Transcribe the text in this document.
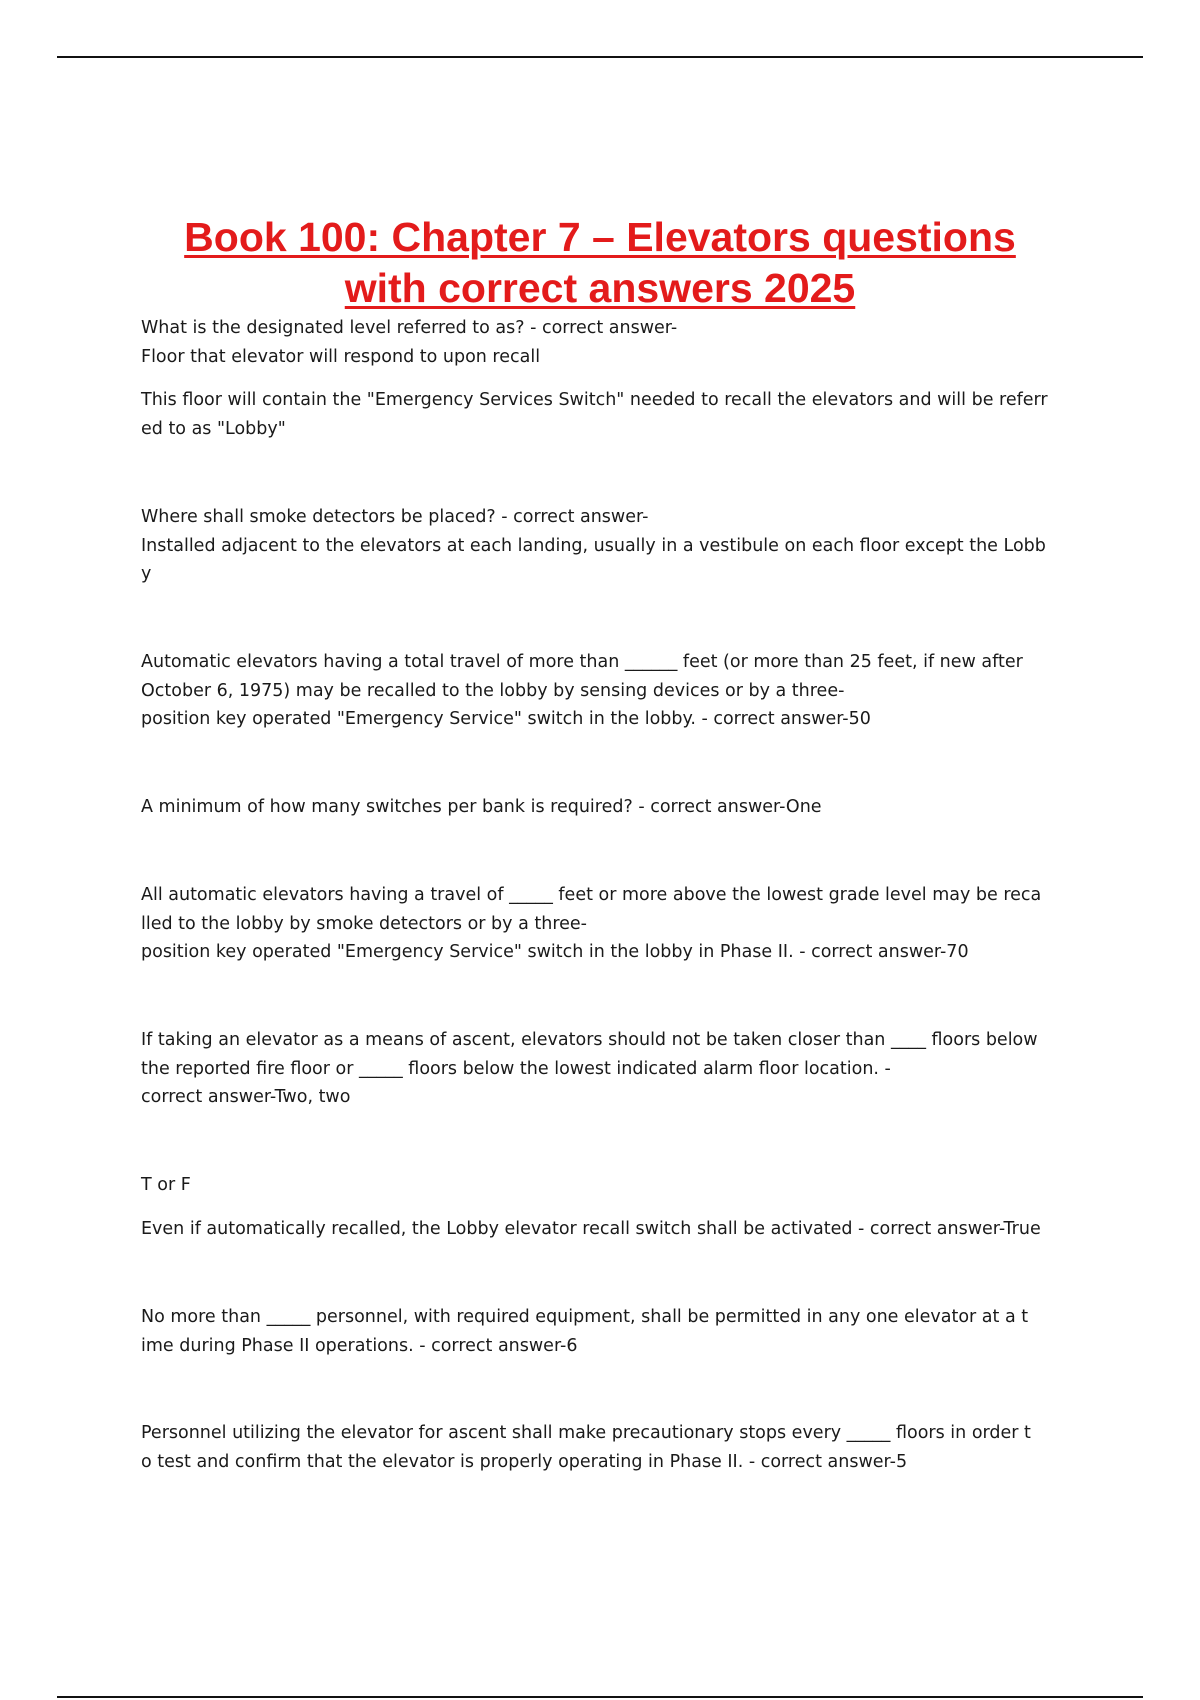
Book 100: Chapter 7 – Elevators questions
with correct answers 2025

What is the designated level referred to as? - correct answer-
Floor that elevator will respond to upon recall

This floor will contain the "Emergency Services Switch" needed to recall the elevators and will be referr
ed to as "Lobby"

Where shall smoke detectors be placed? - correct answer-
Installed adjacent to the elevators at each landing, usually in a vestibule on each floor except the Lobb
y

Automatic elevators having a total travel of more than ______ feet (or more than 25 feet, if new after
October 6, 1975) may be recalled to the lobby by sensing devices or by a three-
position key operated "Emergency Service" switch in the lobby. - correct answer-50

A minimum of how many switches per bank is required? - correct answer-One

All automatic elevators having a travel of _____ feet or more above the lowest grade level may be reca
lled to the lobby by smoke detectors or by a three-
position key operated "Emergency Service" switch in the lobby in Phase II. - correct answer-70

If taking an elevator as a means of ascent, elevators should not be taken closer than ____ floors below
the reported fire floor or _____ floors below the lowest indicated alarm floor location. -
correct answer-Two, two

T or F

Even if automatically recalled, the Lobby elevator recall switch shall be activated - correct answer-True

No more than _____ personnel, with required equipment, shall be permitted in any one elevator at a t
ime during Phase II operations. - correct answer-6

Personnel utilizing the elevator for ascent shall make precautionary stops every _____ floors in order t
o test and confirm that the elevator is properly operating in Phase II. - correct answer-5
